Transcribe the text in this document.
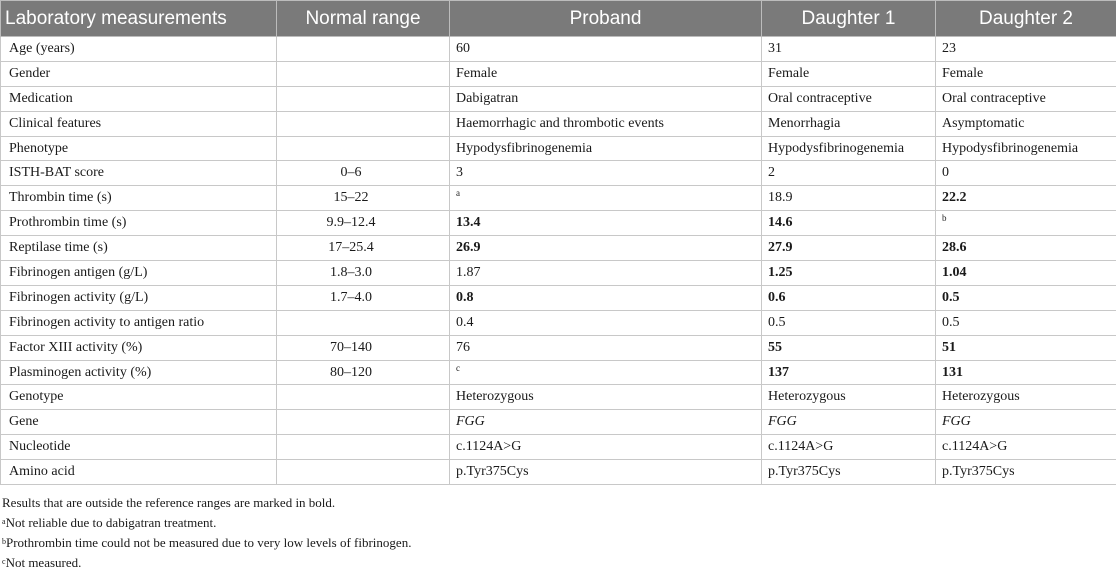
Laboratory measurements	Normal range	Proband	Daughter 1	Daughter 2
Age (years)		60	31	23
Gender		Female	Female	Female
Medication		Dabigatran	Oral contraceptive	Oral contraceptive
Clinical features		Haemorrhagic and thrombotic events	Menorrhagia	Asymptomatic
Phenotype		Hypodysfibrinogenemia	Hypodysfibrinogenemia	Hypodysfibrinogenemia
ISTH-BAT score	0–6	3	2	0
Thrombin time (s)	15–22	$^a$	18.9	22.2
Prothrombin time (s)	9.9–12.4	13.4	14.6	$^b$
Reptilase time (s)	17–25.4	26.9	27.9	28.6
Fibrinogen antigen (g/L)	1.8–3.0	1.87	1.25	1.04
Fibrinogen activity (g/L)	1.7–4.0	0.8	0.6	0.5
Fibrinogen activity to antigen ratio		0.4	0.5	0.5
Factor XIII activity (%)	70–140	76	55	51
Plasminogen activity (%)	80–120	$^c$	137	131
Genotype		Heterozygous	Heterozygous	Heterozygous
Gene		FGG	FGG	FGG
Nucleotide		c.1124A>G	c.1124A>G	c.1124A>G
Amino acid		p.Tyr375Cys	p.Tyr375Cys	p.Tyr375Cys
Results that are outside the reference ranges are marked in bold.
$^a$Not reliable due to dabigatran treatment.
$^b$Prothrombin time could not be measured due to very low levels of fibrinogen.
$^c$Not measured.
